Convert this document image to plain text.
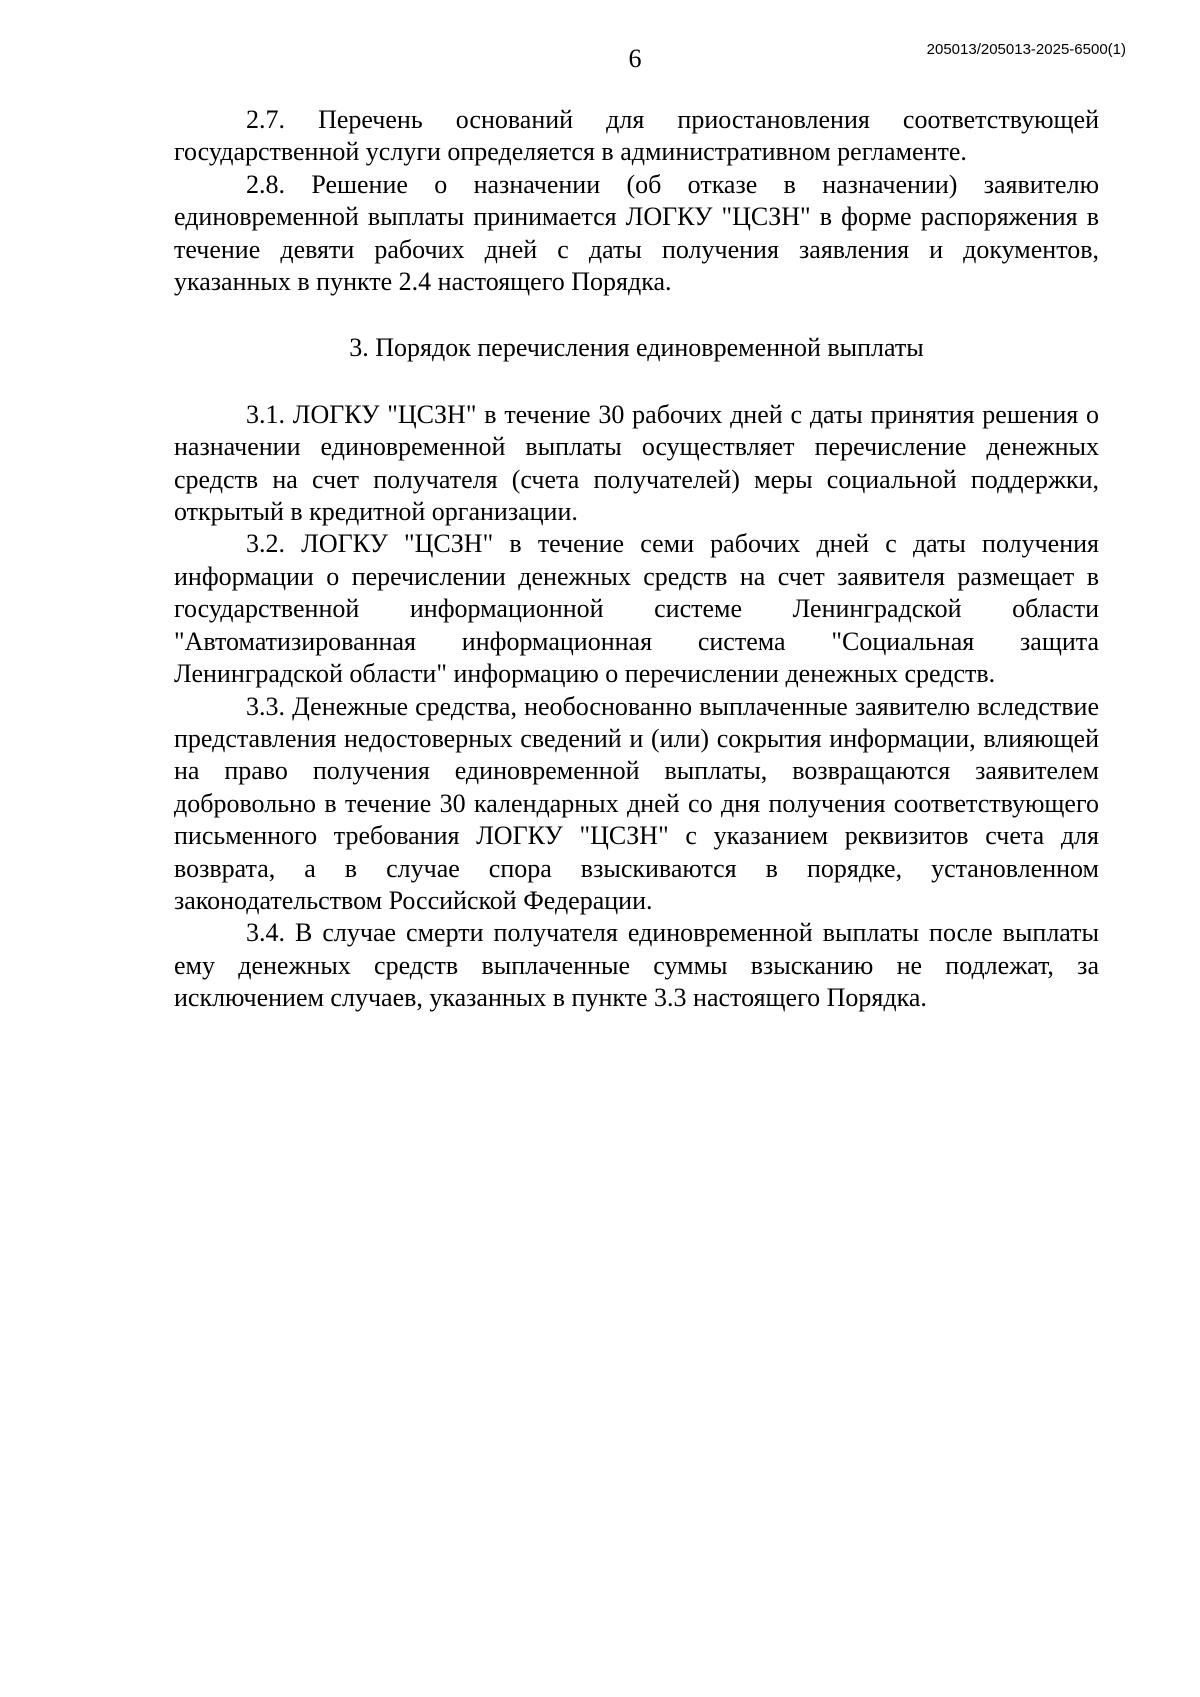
6	205013/205013-2025-6500(1)

2.7. Перечень оснований для приостановления соответствующей государственной услуги определяется в административном регламенте.

2.8. Решение о назначении (об отказе в назначении) заявителю единовременной выплаты принимается ЛОГКУ "ЦСЗН" в форме распоряжения в течение девяти рабочих дней с даты получения заявления и документов, указанных в пункте 2.4 настоящего Порядка.

3. Порядок перечисления единовременной выплаты

3.1. ЛОГКУ "ЦСЗН" в течение 30 рабочих дней с даты принятия решения о назначении единовременной выплаты осуществляет перечисление денежных средств на счет получателя (счета получателей) меры социальной поддержки, открытый в кредитной организации.

3.2. ЛОГКУ "ЦСЗН" в течение семи рабочих дней с даты получения информации о перечислении денежных средств на счет заявителя размещает в государственной информационной системе Ленинградской области "Автоматизированная информационная система "Социальная защита Ленинградской области" информацию о перечислении денежных средств.

3.3. Денежные средства, необоснованно выплаченные заявителю вследствие представления недостоверных сведений и (или) сокрытия информации, влияющей на право получения единовременной выплаты, возвращаются заявителем добровольно в течение 30 календарных дней со дня получения соответствующего письменного требования ЛОГКУ "ЦСЗН" с указанием реквизитов счета для возврата, а в случае спора взыскиваются в порядке, установленном законодательством Российской Федерации.

3.4. В случае смерти получателя единовременной выплаты после выплаты ему денежных средств выплаченные суммы взысканию не подлежат, за исключением случаев, указанных в пункте 3.3 настоящего Порядка.
